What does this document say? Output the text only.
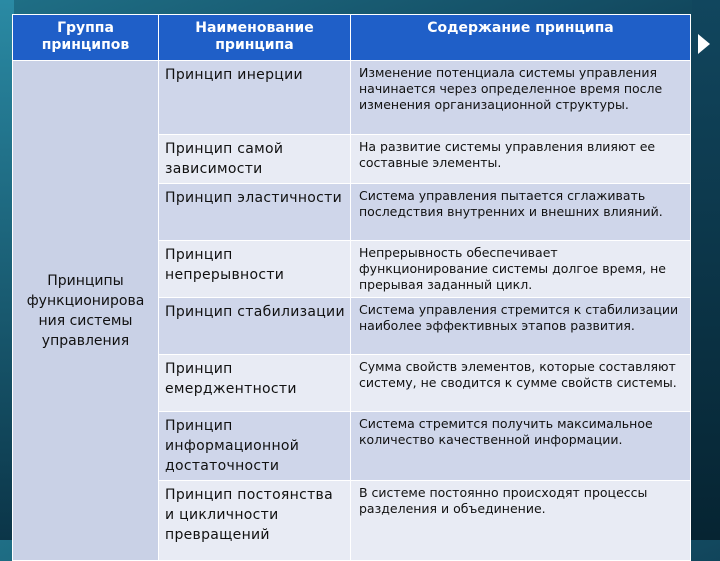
Группа принципов	Наименование принципа	Содержание принципа
Принципы функционирова ния системы управления	Принцип инерции	Изменение потенциала системы управления начинается через определенное время после изменения организационной структуры.
	Принцип самой зависимости	На развитие системы управления влияют ее составные элементы.
	Принцип эластичности	Система управления пытается сглаживать последствия внутренних и внешних влияний.
	Принцип непрерывности	Непрерывность обеспечивает функционирование системы долгое время, не прерывая заданный цикл.
	Принцип стабилизации	Система управления стремится к стабилизации наиболее эффективных этапов развития.
	Принцип емерджентности	Сумма свойств элементов, которые составляют систему, не сводится к сумме свойств системы.
	Принцип информационной достаточности	Система стремится получить максимальное количество качественной информации.
	Принцип постоянства и цикличности превращений	В системе постоянно происходят процессы разделения и объединение.
